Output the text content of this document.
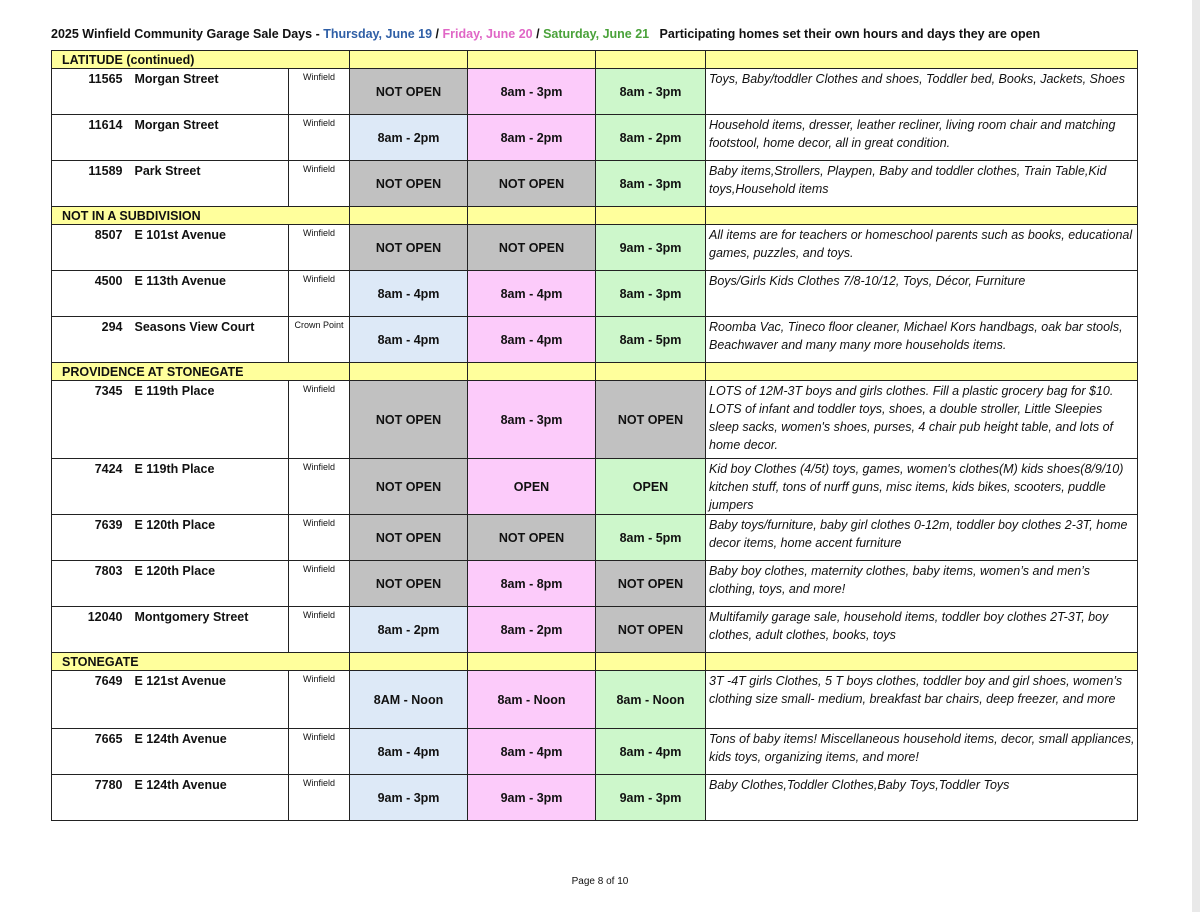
2025 Winfield Community Garage Sale Days - Thursday, June 19 / Friday, June 20 / Saturday, June 21 Participating homes set their own hours and days they are open
LATITUDE (continued)						
11565	Morgan Street	Winfield	NOT OPEN	8am - 3pm	8am - 3pm	Toys, Baby/toddler Clothes and shoes, Toddler bed, Books, Jackets, Shoes
11614	Morgan Street	Winfield	8am - 2pm	8am - 2pm	8am - 2pm	Household items, dresser, leather recliner, living room chair and matching footstool, home decor, all in great condition.
11589	Park Street	Winfield	NOT OPEN	NOT OPEN	8am - 3pm	Baby items,Strollers, Playpen, Baby and toddler clothes, Train Table,Kid toys,Household items
NOT IN A SUBDIVISION						
8507	E 101st Avenue	Winfield	NOT OPEN	NOT OPEN	9am - 3pm	All items are for teachers or homeschool parents such as books, educational games, puzzles, and toys.
4500	E 113th Avenue	Winfield	8am - 4pm	8am - 4pm	8am - 3pm	Boys/Girls Kids Clothes 7/8-10/12, Toys, Décor, Furniture
294	Seasons View Court	Crown Point	8am - 4pm	8am - 4pm	8am - 5pm	Roomba Vac, Tineco floor cleaner, Michael Kors handbags, oak bar stools, Beachwaver and many many more households items.
PROVIDENCE AT STONEGATE						
7345	E 119th Place	Winfield	NOT OPEN	8am - 3pm	NOT OPEN	LOTS of 12M-3T boys and girls clothes. Fill a plastic grocery bag for $10. LOTS of infant and toddler toys, shoes, a double stroller, Little Sleepies sleep sacks, women's shoes, purses, 4 chair pub height table, and lots of home decor.
7424	E 119th Place	Winfield	NOT OPEN	OPEN	OPEN	Kid boy Clothes (4/5t) toys, games, women's clothes(M) kids shoes(8/9/10) kitchen stuff, tons of nurff guns, misc items, kids bikes, scooters, puddle jumpers
7639	E 120th Place	Winfield	NOT OPEN	NOT OPEN	8am - 5pm	Baby toys/furniture, baby girl clothes 0-12m, toddler boy clothes 2-3T, home decor items, home accent furniture
7803	E 120th Place	Winfield	NOT OPEN	8am - 8pm	NOT OPEN	Baby boy clothes, maternity clothes, baby items, women’s and men’s clothing, toys, and more!
12040	Montgomery Street	Winfield	8am - 2pm	8am - 2pm	NOT OPEN	Multifamily garage sale, household items, toddler boy clothes 2T-3T, boy clothes, adult clothes, books, toys
STONEGATE						
7649	E 121st Avenue	Winfield	8AM - Noon	8am - Noon	8am - Noon	3T -4T girls Clothes, 5 T boys clothes, toddler boy and girl shoes, women’s clothing size small- medium, breakfast bar chairs, deep freezer, and more
7665	E 124th Avenue	Winfield	8am - 4pm	8am - 4pm	8am - 4pm	Tons of baby items! Miscellaneous household items, decor, small appliances, kids toys, organizing items, and more!
7780	E 124th Avenue	Winfield	9am - 3pm	9am - 3pm	9am - 3pm	Baby Clothes,Toddler Clothes,Baby Toys,Toddler Toys
Page 8 of 10
